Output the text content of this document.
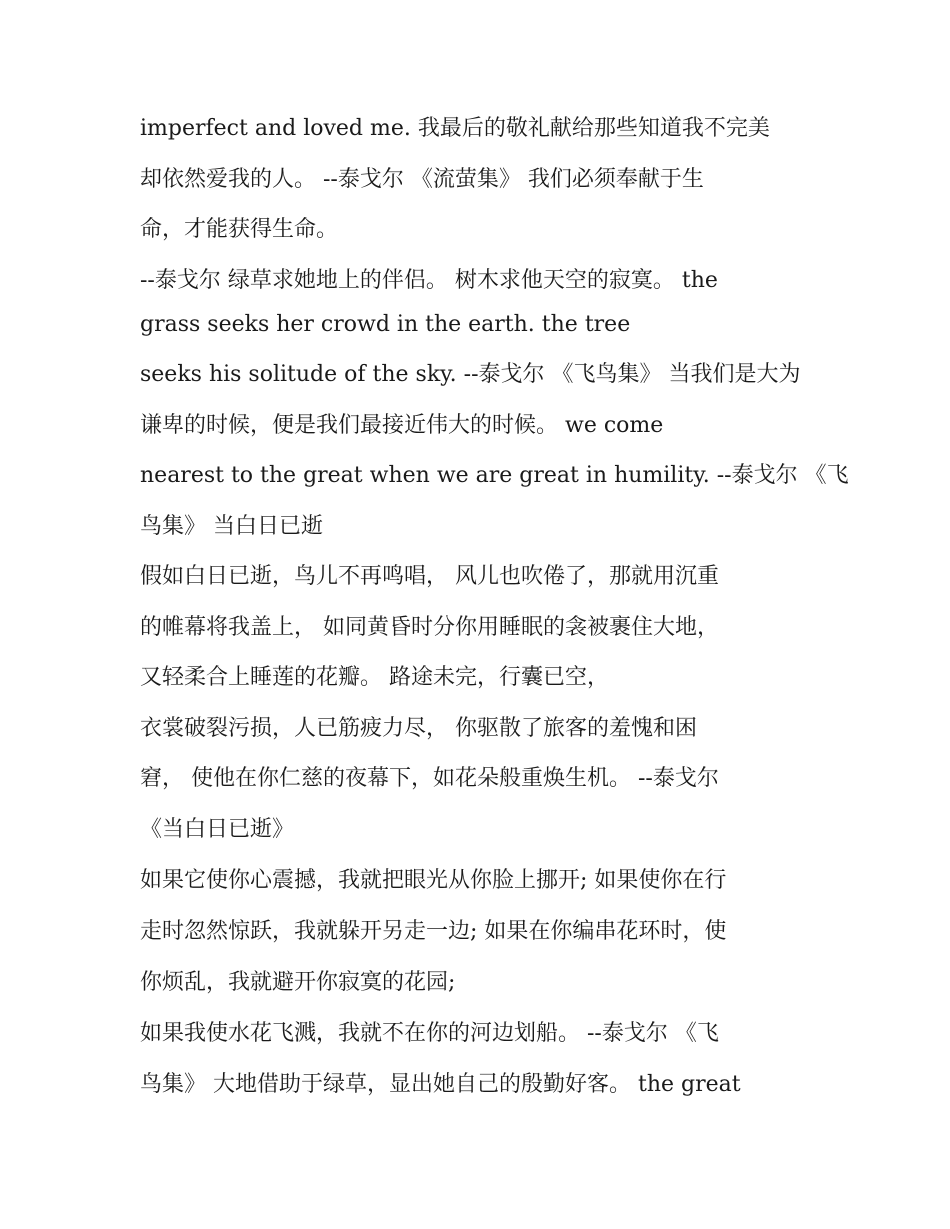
imperfect and loved me. 我最后的敬礼献给那些知道我不完美
却依然爱我的人。 --泰戈尔 《流萤集》 我们必须奉献于生
命，才能获得生命。
--泰戈尔 绿草求她地上的伴侣。 树木求他天空的寂寞。 the
grass seeks her crowd in the earth. the tree
seeks his solitude of the sky. --泰戈尔 《飞鸟集》 当我们是大为
谦卑的时候，便是我们最接近伟大的时候。 we come
nearest to the great when we are great in humility. --泰戈尔 《飞
鸟集》 当白日已逝
假如白日已逝，鸟儿不再鸣唱， 风儿也吹倦了，那就用沉重
的帷幕将我盖上， 如同黄昏时分你用睡眠的衾被裹住大地，
又轻柔合上睡莲的花瓣。 路途未完，行囊已空，
衣裳破裂污损，人已筋疲力尽， 你驱散了旅客的羞愧和困
窘， 使他在你仁慈的夜幕下，如花朵般重焕生机。 --泰戈尔
《当白日已逝》
如果它使你心震撼，我就把眼光从你脸上挪开; 如果使你在行
走时忽然惊跃，我就躲开另走一边; 如果在你编串花环时，使
你烦乱，我就避开你寂寞的花园;
如果我使水花飞溅，我就不在你的河边划船。 --泰戈尔 《飞
鸟集》 大地借助于绿草，显出她自己的殷勤好客。 the great
